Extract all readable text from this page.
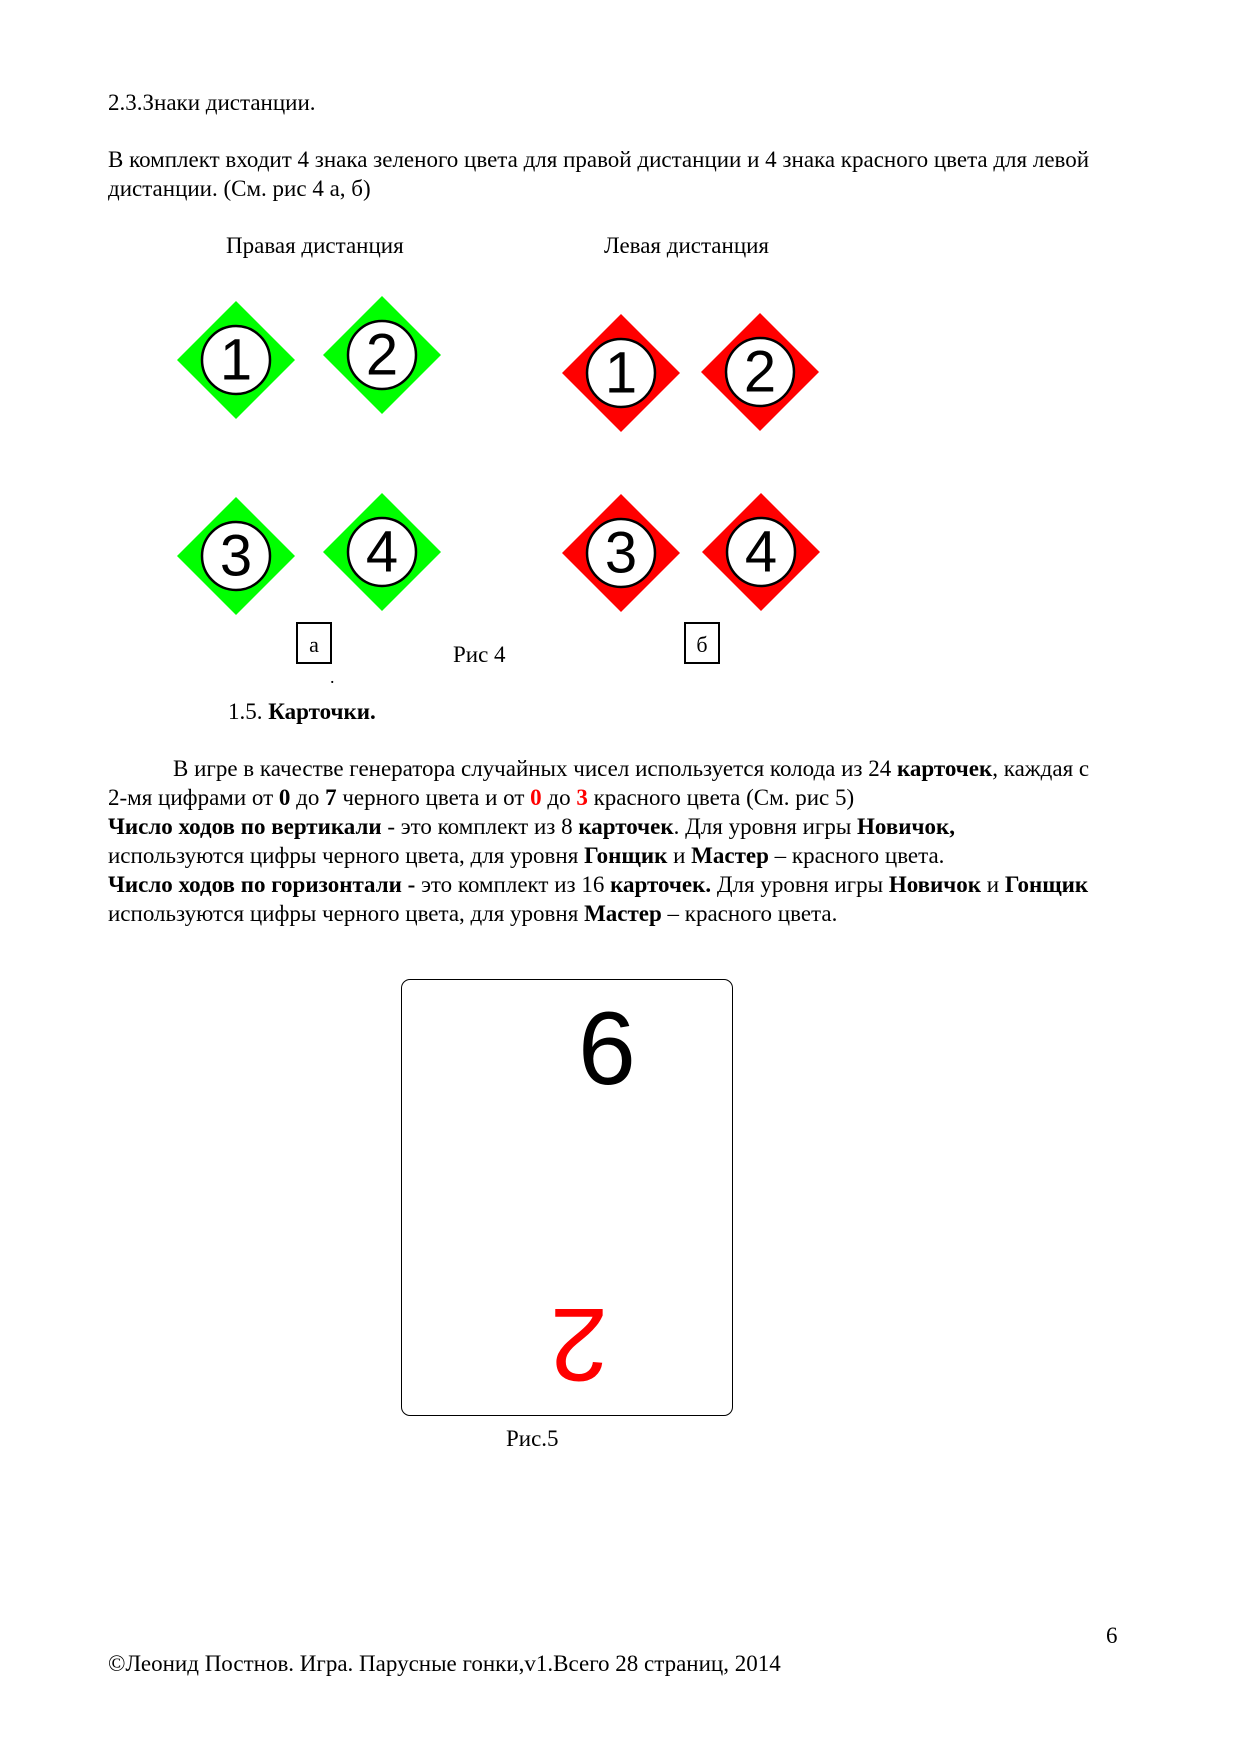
2.3.Знаки дистанции.
В комплект входит 4 знака зеленого цвета для правой дистанции и 4 знака красного цвета для левой
дистанции. (См. рис 4 а, б)
Правая дистанция	Левая дистанция
1 2
3 4
1 2
3 4
а	Рис 4	б
.
1.5. Карточки.
В игре в качестве генератора случайных чисел используется колода из 24 карточек, каждая с
2-мя цифрами от 0 до 7 черного цвета и от 0 до 3 красного цвета (См. рис 5)
Число ходов по вертикали - это комплект из 8 карточек. Для уровня игры Новичок,
используются цифры черного цвета, для уровня Гонщик и Мастер – красного цвета.
Число ходов по горизонтали - это комплект из 16 карточек. Для уровня игры Новичок и Гонщик
используются цифры черного цвета, для уровня Мастер – красного цвета.
6
2
Рис.5
6
©Леонид Постнов. Игра. Парусные гонки,v1.Всего 28 страниц, 2014
